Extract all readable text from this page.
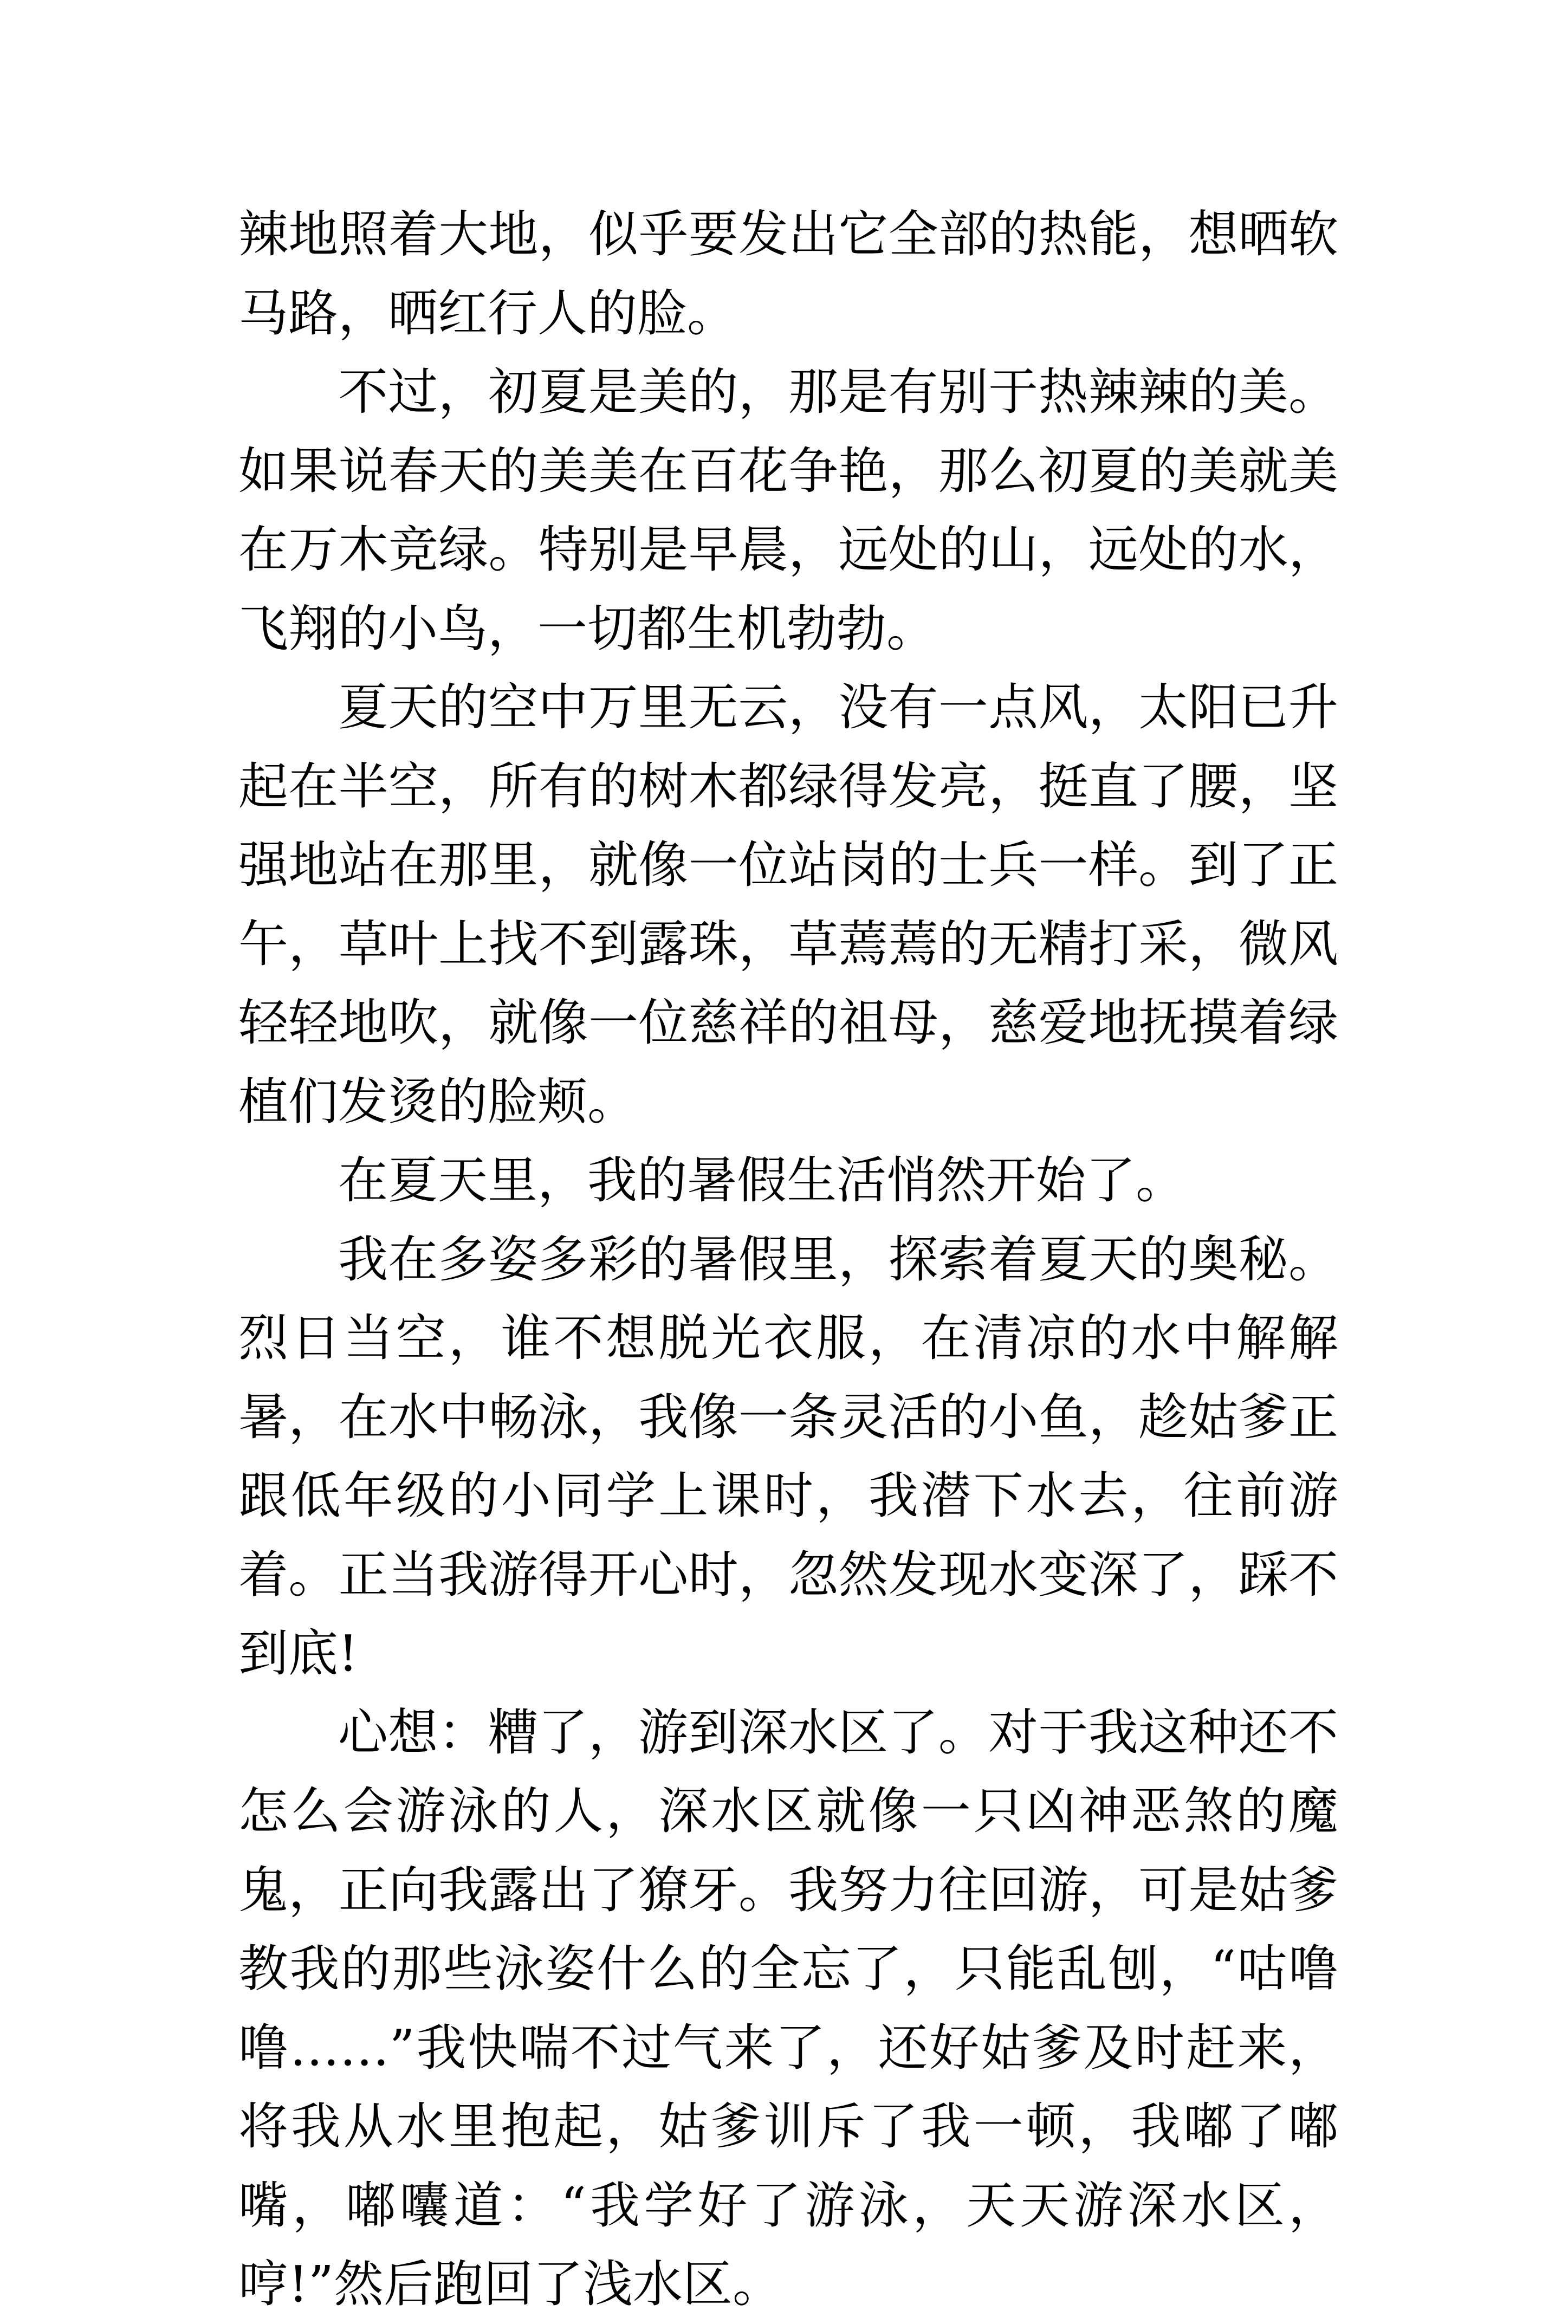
辣地照着大地，似乎要发出它全部的热能，想晒软马路，晒红行人的脸。

不过，初夏是美的，那是有别于热辣辣的美。如果说春天的美美在百花争艳，那么初夏的美就美在万木竞绿。特别是早晨，远处的山，远处的水，飞翔的小鸟，一切都生机勃勃。

夏天的空中万里无云，没有一点风，太阳已升起在半空，所有的树木都绿得发亮，挺直了腰，坚强地站在那里，就像一位站岗的士兵一样。到了正午，草叶上找不到露珠，草蔫蔫的无精打采，微风轻轻地吹，就像一位慈祥的祖母，慈爱地抚摸着绿植们发烫的脸颊。

在夏天里，我的暑假生活悄然开始了。

我在多姿多彩的暑假里，探索着夏天的奥秘。烈日当空，谁不想脱光衣服，在清凉的水中解解暑，在水中畅泳，我像一条灵活的小鱼，趁姑爹正跟低年级的小同学上课时，我潜下水去，往前游着。正当我游得开心时，忽然发现水变深了，踩不到底!

心想：糟了，游到深水区了。对于我这种还不怎么会游泳的人，深水区就像一只凶神恶煞的魔鬼，正向我露出了獠牙。我努力往回游，可是姑爹教我的那些泳姿什么的全忘了，只能乱刨，“咕噜噜……”我快喘不过气来了，还好姑爹及时赶来，将我从水里抱起，姑爹训斥了我一顿，我嘟了嘟嘴，嘟囔道：“我学好了游泳，天天游深水区，哼!”然后跑回了浅水区。
